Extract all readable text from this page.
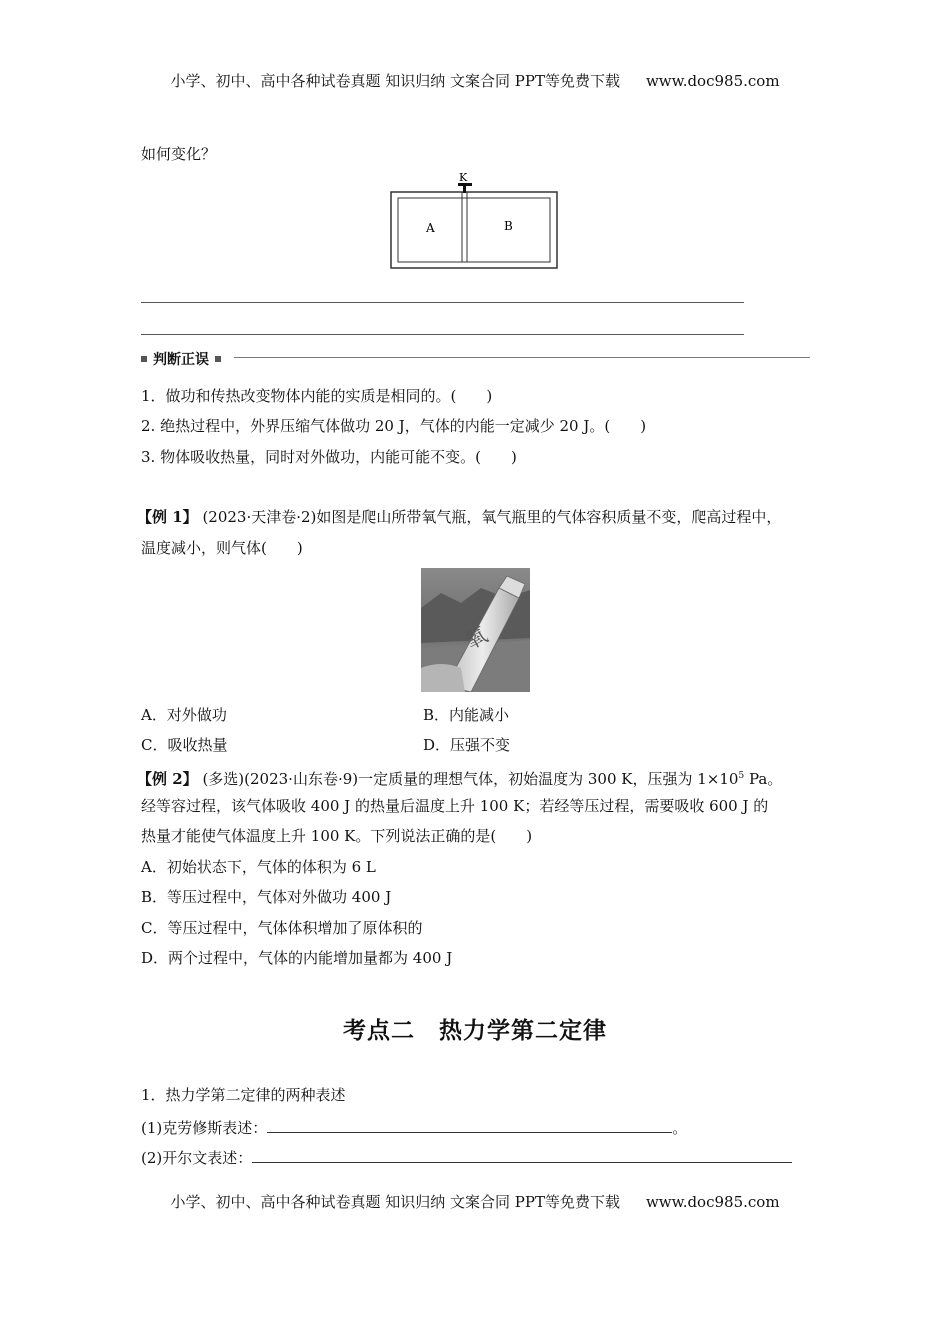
小学、初中、高中各种试卷真题 知识归纳 文案合同 PPT等免费下载 www.doc985.com
如何变化？
K
A	B
判断正误
1．做功和传热改变物体内能的实质是相同的。(　　)
2. 绝热过程中，外界压缩气体做功 20 J，气体的内能一定减少 20 J。(　　)
3. 物体吸收热量，同时对外做功，内能可能不变。(　　)
【例 1】 (2023·天津卷·2)如图是爬山所带氧气瓶，氧气瓶里的气体容积质量不变，爬高过程中，
温度减小，则气体(　　)
氧
A．对外做功	B．内能减小
C．吸收热量	D．压强不变
【例 2】 (多选)(2023·山东卷·9)一定质量的理想气体，初始温度为 300 K，压强为 $1\times 10^5$ Pa。
经等容过程，该气体吸收 400 J 的热量后温度上升 100 K；若经等压过程，需要吸收 600 J 的
热量才能使气体温度上升 100 K。下列说法正确的是(　　)
A．初始状态下，气体的体积为 6 L
B．等压过程中，气体对外做功 400 J
C．等压过程中，气体体积增加了原体积的
D．两个过程中，气体的内能增加量都为 400 J
考点二 热力学第二定律
1．热力学第二定律的两种表述
(1)克劳修斯表述：	。
(2)开尔文表述：
小学、初中、高中各种试卷真题 知识归纳 文案合同 PPT等免费下载 www.doc985.com
